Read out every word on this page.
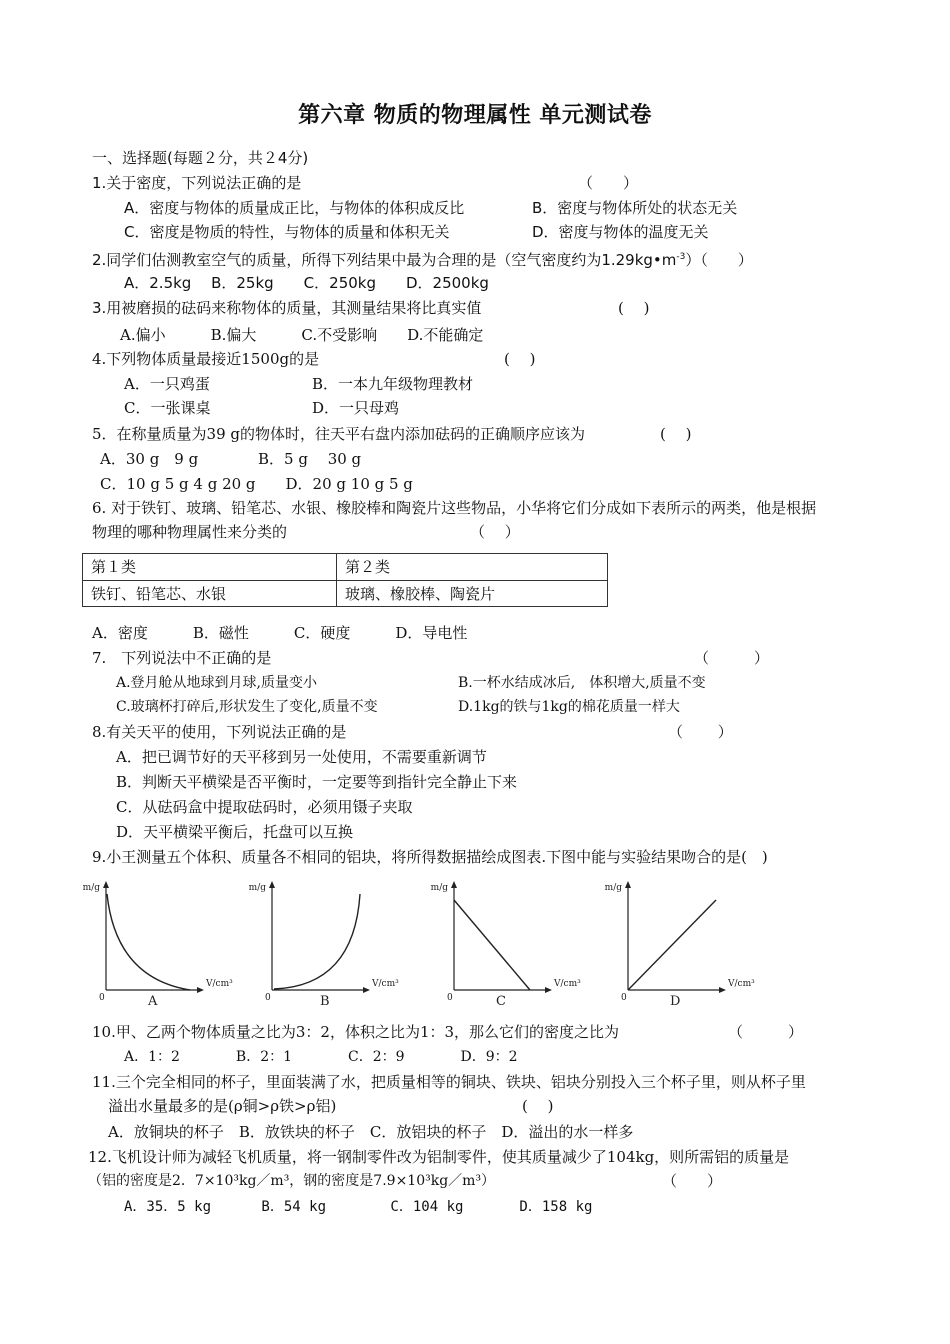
第六章 物质的物理属性 单元测试卷
一、选择题(每题２分，共２4分)
1.关于密度，下列说法正确的是	（　　）
A．密度与物体的质量成正比，与物体的体积成反比	B．密度与物体所处的状态无关
C．密度是物质的特性，与物体的质量和体积无关	D．密度与物体的温度无关
2.同学们估测教室空气的质量，所得下列结果中最为合理的是（空气密度约为$1.29kg•m^{-3}$）（　　）
A．2.5kg　 B．25kg　　C．250kg　　D．2500kg
3.用被磨损的砝码来称物体的质量，其测量结果将比真实值	(　 )
A.偏小　　　B.偏大　　　C.不受影响　　D.不能确定
4.下列物体质量最接近1500g的是	(　 )
A．一只鸡蛋	B．一本九年级物理教材
C．一张课桌	D．一只母鸡
5．在称量质量为39 g的物体时，往天平右盘内添加砝码的正确顺序应该为	(　 )
A．30 g　9 g	B．5 g　 30 g
C．10 g 5 g 4 g 20 g　　D．20 g 10 g 5 g
6. 对于铁钉、玻璃、铅笔芯、水银、橡胶棒和陶瓷片这些物品，小华将它们分成如下表所示的两类，他是根据
物理的哪种物理属性来分类的	（　 ）
第１类	第２类
铁钉、铅笔芯、水银	玻璃、橡胶棒、陶瓷片
A．密度　　　B．磁性　　　C．硬度　　　D．导电性
7.　下列说法中不正确的是	（　　　）
A.登月舱从地球到月球,质量变小	B.一杯水结成冰后,　体积增大,质量不变
C.玻璃杯打碎后,形状发生了变化,质量不变	D.1kg的铁与1kg的棉花质量一样大
8.有关天平的使用，下列说法正确的是	（　　 ）
A．把已调节好的天平移到另一处使用，不需要重新调节
B．判断天平横梁是否平衡时，一定要等到指针完全静止下来
C．从砝码盒中提取砝码时，必须用镊子夹取
D．天平横梁平衡后，托盘可以互换
9.小王测量五个体积、质量各不相同的铝块，将所得数据描绘成图表.下图中能与实验结果吻合的是(　)
m/g
V/cm³
0	A
m/g
V/cm³
0	B
m/g
V/cm³
0	C
m/g
V/cm³
0	D
10.甲、乙两个物体质量之比为3：2，体积之比为1：3，那么它们的密度之比为	（　　　）
A．1：2　　　　B．2：1　　　　C．2：9　　　　D．9：2
11.三个完全相同的杯子，里面装满了水，把质量相等的铜块、铁块、铝块分别投入三个杯子里，则从杯子里
溢出水量最多的是(ρ铜>ρ铁>ρ铝)	(　 )
A．放铜块的杯子　B．放铁块的杯子　C．放铝块的杯子　D．溢出的水一样多
12.飞机设计师为减轻飞机质量，将一钢制零件改为铝制零件，使其质量减少了104kg，则所需铝的质量是
（铝的密度是2．7×10³kg／m³，钢的密度是7.9×10³kg／m³）	（　　）
A．35．5 kg　　　 B．54 kg　　　　 C．104 kg　　　　D．158 kg
